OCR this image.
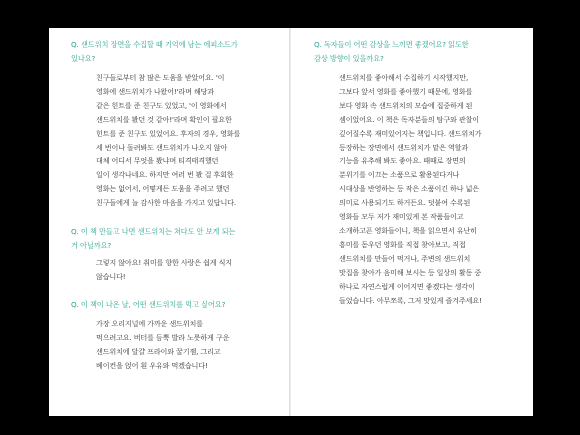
Q. 샌드위치 장면을 수집할 때 기억에 남는 에피소드가
있나요?
친구들로부터 참 많은 도움을 받았어요. '이
영화에 샌드위치가 나왔어!'라며 해당과
같은 힌트를 준 친구도 있었고, '이 영화에서
샌드위치를 봤던 것 같아!'라며 확인이 필요한
힌트를 준 친구도 있었어요. 후자의 경우, 영화를
세 번이나 돌려봐도 샌드위치가 나오지 않아
대체 어디서 무엇을 봤냐며 티격태격했던
일이 생각나네요. 하지만 여러 번 봤 걸 후회한
영화는 없어서, 어떻게든 도움을 주려고 했던
친구들에게 늘 감사한 마음을 가지고 있답니다.
Q. 이 책 만들고 나면 샌드위치는 쳐다도 안 보게 되는
거 아닐까요?
그렇지 않아요! 취미를 향한 사랑은 쉽게 식지
않습니다!
Q. 이 책이 나온 날, 어떤 샌드위치를 먹고 싶어요?
가장 오리지널에 가까운 샌드위치를
먹으려고요. 버터를 듬뿍 발라 노릇하게 구운
샌드위치에 달걀 프라이와 꿀기잼, 그리고
베이컨을 얹어 흰 우유와 먹겠습니다!
Q. 독자들이 어떤 감상을 느끼면 좋겠어요? 읽도한
감상 방향이 있을까요?
샌드위치를 좋아해서 수집하기 시작했지만,
그보다 앞서 영화를 좋아했기 때문에, 영화를
보다 영화 속 샌드위치의 모습에 집중하게 된
셈이었어요. 이 책은 독자분들의 탐구와 관찰이
깊어질수록 재미있어지는 책입니다. 샌드위치가
등장하는 장면에서 샌드위치가 맡은 역할과
기능을 유추해 봐도 좋아요. 때때로 장면의
분위기를 이끄는 소품으로 활용된다거나
시대상을 반영하는 등 작은 소품이긴 하나 넓은
의미로 사용되기도 하거든요. 덧붙여 수록된
영화들 모두 저가 재미있게 본 작품들이고
소개하고픈 영화들이니, 책을 읽으면서 유난히
흥미를 돋우던 영화를 직접 찾아보고, 직접
샌드위치를 만들어 먹거나, 주변의 샌드위치
맛집을 찾아가 음미해 보시는 등 일상의 활동 중
하나로 자연스럽게 이어지면 좋겠다는 생각이
들었습니다. 아무쪼록, 그저 맛있게 즐겨주세요!
